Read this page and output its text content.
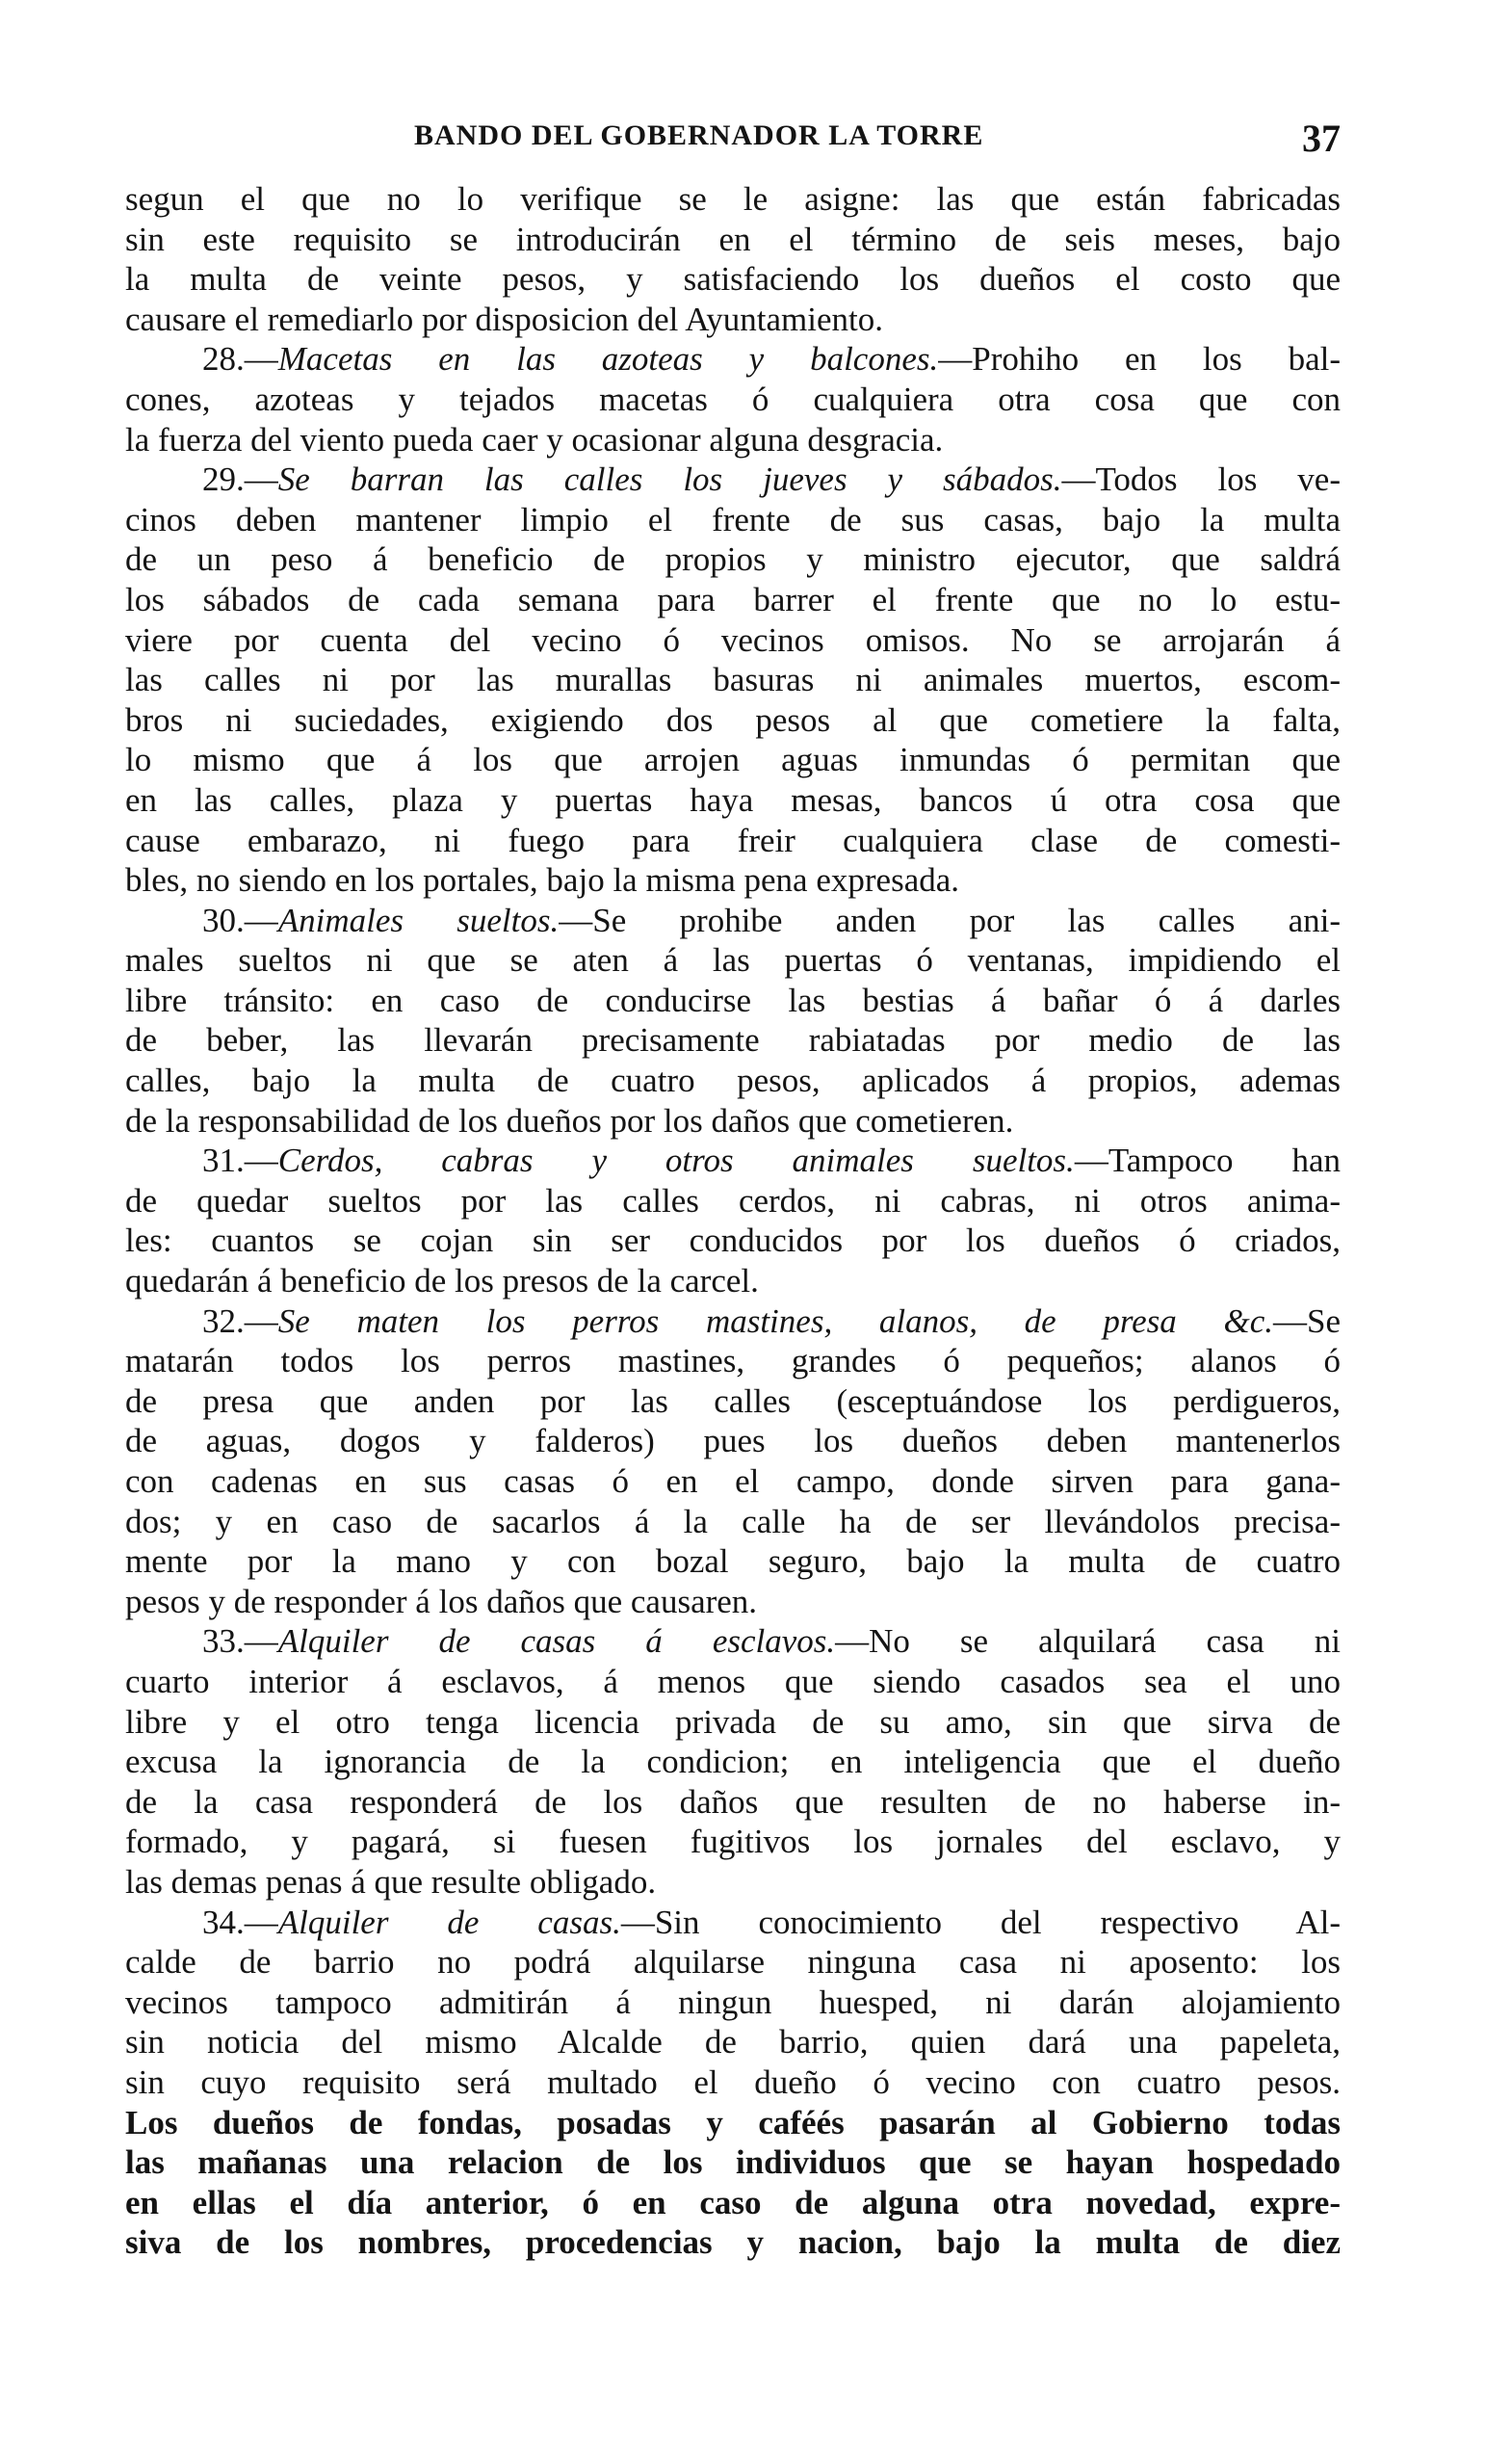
BANDO DEL GOBERNADOR LA TORRE	37
segun el que no lo verifique se le asigne: las que están fabricadas
sin este requisito se introducirán en el término de seis meses, bajo
la multa de veinte pesos, y satisfaciendo los dueños el costo que
causare el remediarlo por disposicion del Ayuntamiento.
28.—Macetas en las azoteas y balcones.—Prohiho en los bal-
cones, azoteas y tejados macetas ó cualquiera otra cosa que con
la fuerza del viento pueda caer y ocasionar alguna desgracia.
29.—Se barran las calles los jueves y sábados.—Todos los ve-
cinos deben mantener limpio el frente de sus casas, bajo la multa
de un peso á beneficio de propios y ministro ejecutor, que saldrá
los sábados de cada semana para barrer el frente que no lo estu-
viere por cuenta del vecino ó vecinos omisos. No se arrojarán á
las calles ni por las murallas basuras ni animales muertos, escom-
bros ni suciedades, exigiendo dos pesos al que cometiere la falta,
lo mismo que á los que arrojen aguas inmundas ó permitan que
en las calles, plaza y puertas haya mesas, bancos ú otra cosa que
cause embarazo, ni fuego para freir cualquiera clase de comesti-
bles, no siendo en los portales, bajo la misma pena expresada.
30.—Animales sueltos.—Se prohibe anden por las calles ani-
males sueltos ni que se aten á las puertas ó ventanas, impidiendo el
libre tránsito: en caso de conducirse las bestias á bañar ó á darles
de beber, las llevarán precisamente rabiatadas por medio de las
calles, bajo la multa de cuatro pesos, aplicados á propios, ademas
de la responsabilidad de los dueños por los daños que cometieren.
31.—Cerdos, cabras y otros animales sueltos.—Tampoco han
de quedar sueltos por las calles cerdos, ni cabras, ni otros anima-
les: cuantos se cojan sin ser conducidos por los dueños ó criados,
quedarán á beneficio de los presos de la carcel.
32.—Se maten los perros mastines, alanos, de presa &c.—Se
matarán todos los perros mastines, grandes ó pequeños; alanos ó
de presa que anden por las calles (esceptuándose los perdigueros,
de aguas, dogos y falderos) pues los dueños deben mantenerlos
con cadenas en sus casas ó en el campo, donde sirven para gana-
dos; y en caso de sacarlos á la calle ha de ser llevándolos precisa-
mente por la mano y con bozal seguro, bajo la multa de cuatro
pesos y de responder á los daños que causaren.
33.—Alquiler de casas á esclavos.—No se alquilará casa ni
cuarto interior á esclavos, á menos que siendo casados sea el uno
libre y el otro tenga licencia privada de su amo, sin que sirva de
excusa la ignorancia de la condicion; en inteligencia que el dueño
de la casa responderá de los daños que resulten de no haberse in-
formado, y pagará, si fuesen fugitivos los jornales del esclavo, y
las demas penas á que resulte obligado.
34.—Alquiler de casas.—Sin conocimiento del respectivo Al-
calde de barrio no podrá alquilarse ninguna casa ni aposento: los
vecinos tampoco admitirán á ningun huesped, ni darán alojamiento
sin noticia del mismo Alcalde de barrio, quien dará una papeleta,
sin cuyo requisito será multado el dueño ó vecino con cuatro pesos.
Los dueños de fondas, posadas y caféés pasarán al Gobierno todas
las mañanas una relacion de los individuos que se hayan hospedado
en ellas el día anterior, ó en caso de alguna otra novedad, expre-
siva de los nombres, procedencias y nacion, bajo la multa de diez
